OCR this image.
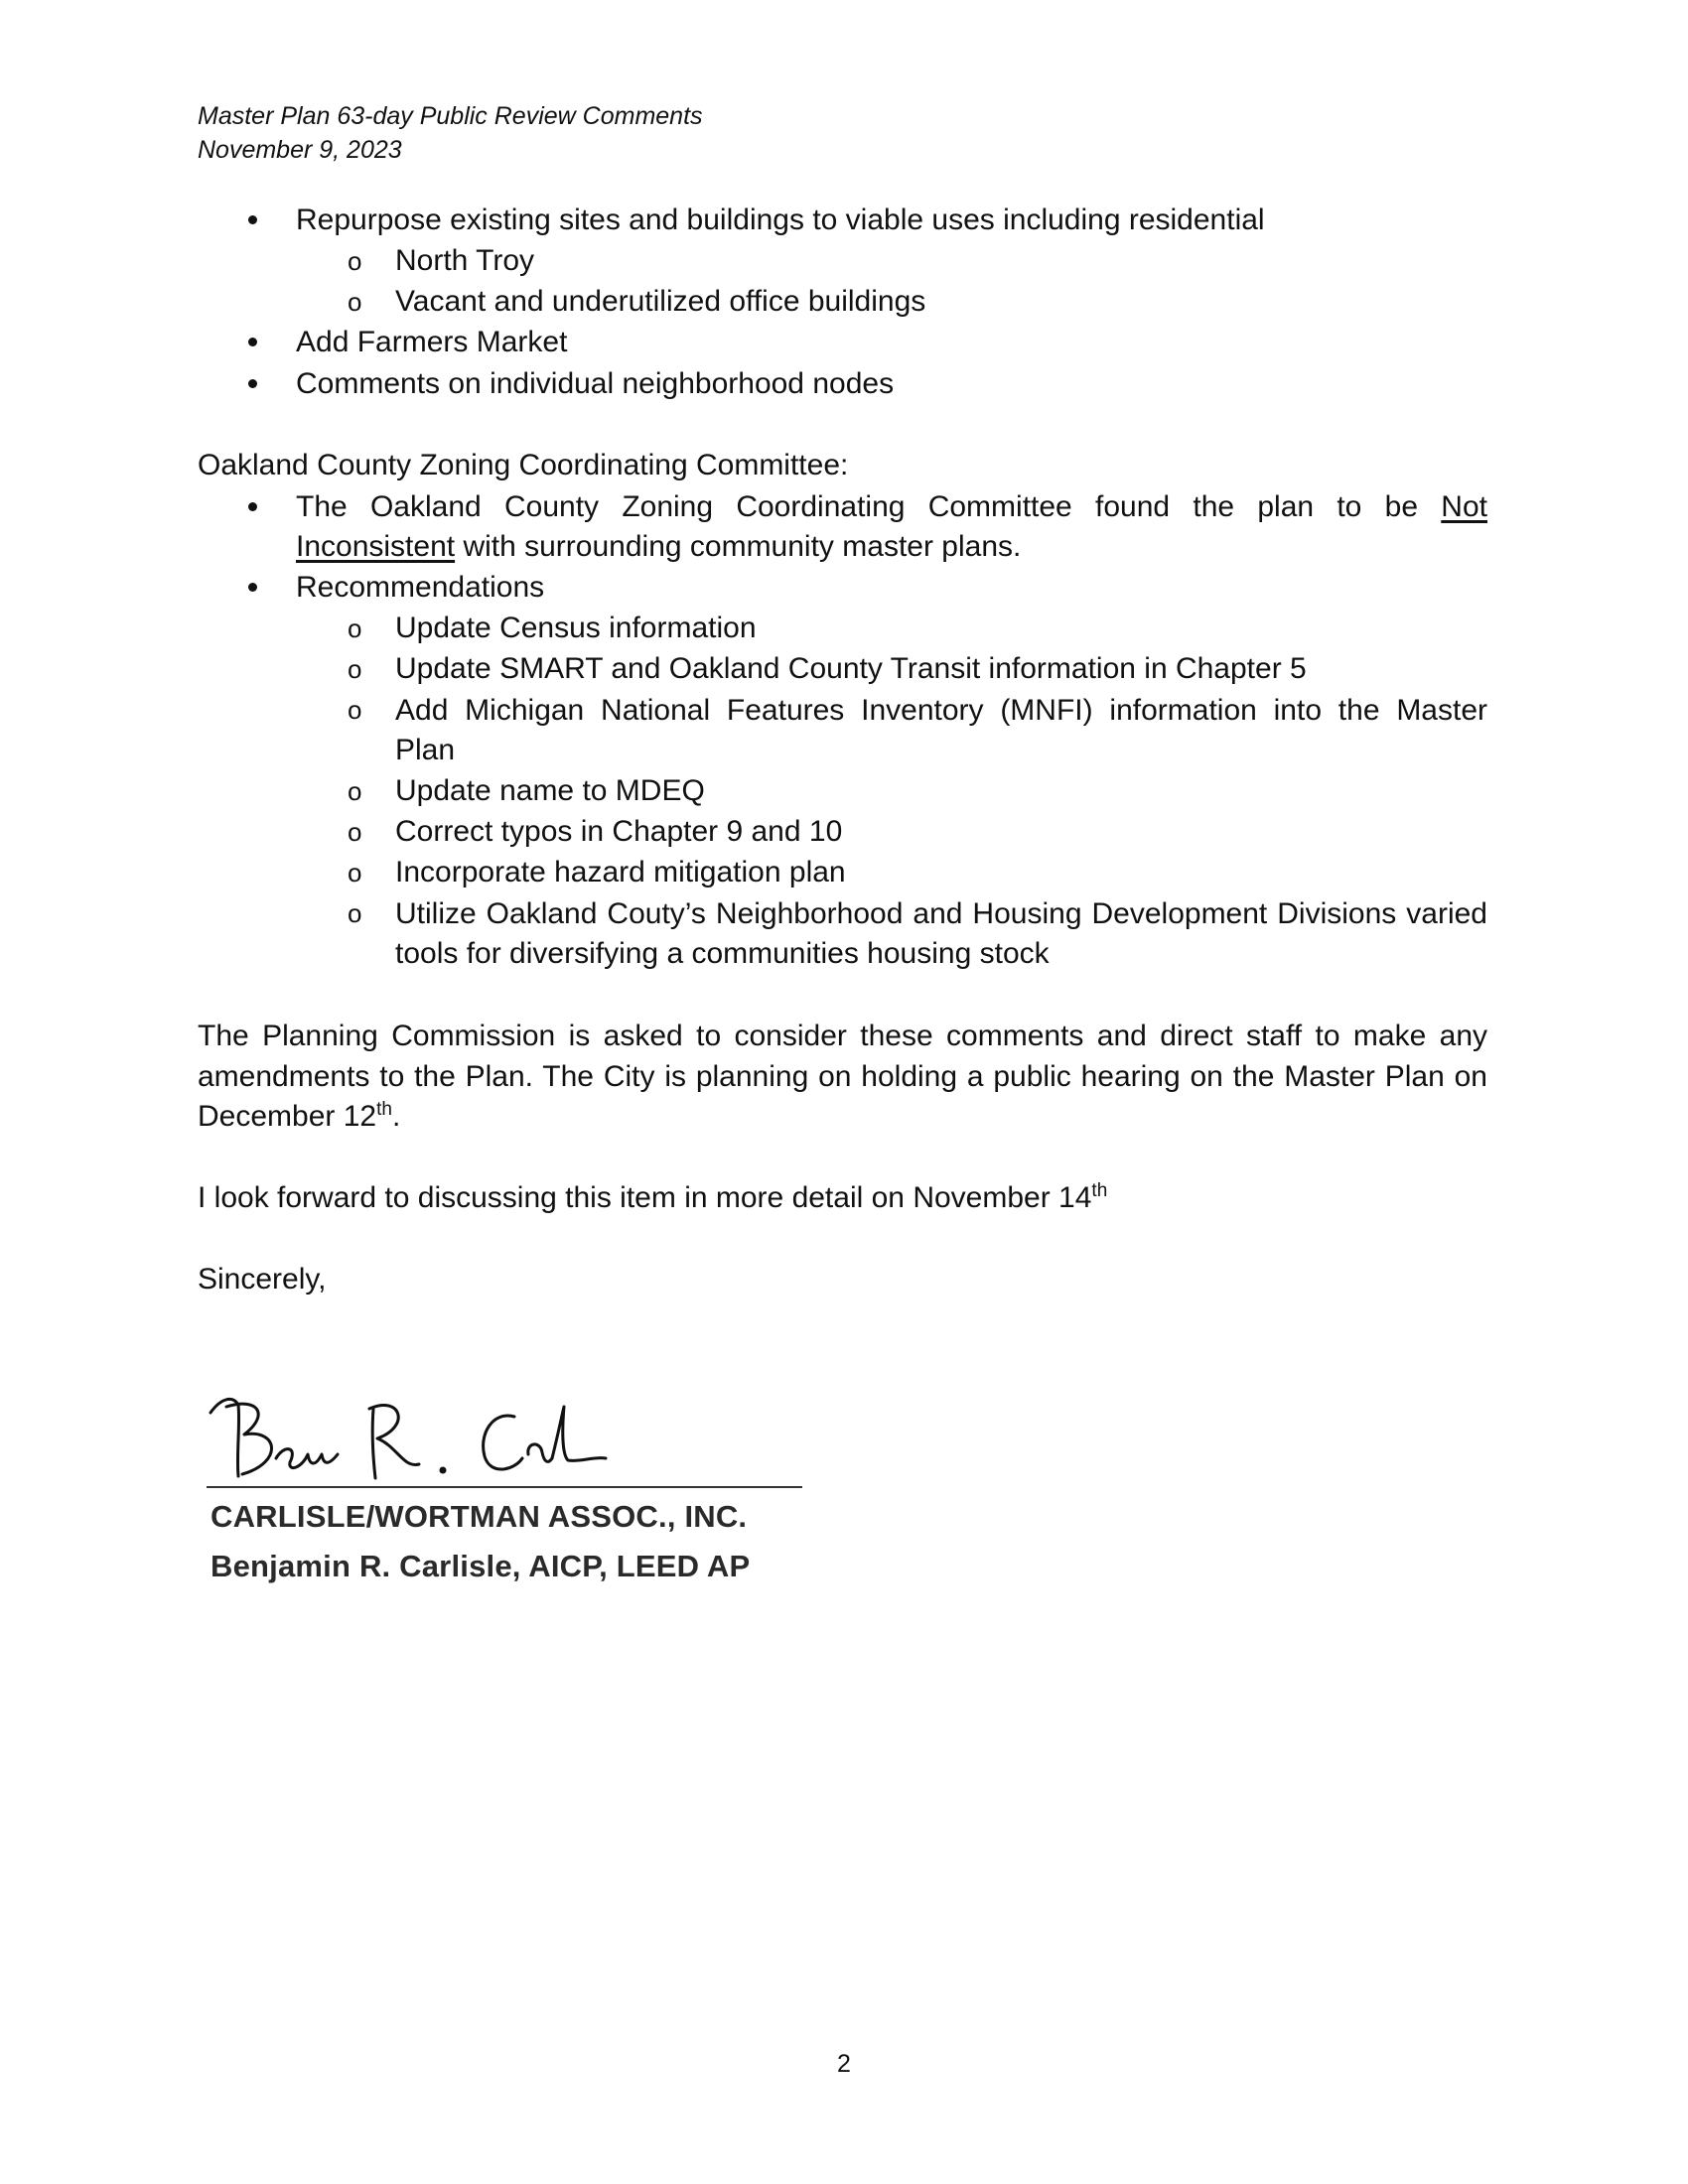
Master Plan 63-day Public Review Comments
November 9, 2023
Repurpose existing sites and buildings to viable uses including residential
o North Troy
o Vacant and underutilized office buildings
Add Farmers Market
Comments on individual neighborhood nodes
Oakland County Zoning Coordinating Committee:
The Oakland County Zoning Coordinating Committee found the plan to be Not
Inconsistent with surrounding community master plans.
Recommendations
o Update Census information
o Update SMART and Oakland County Transit information in Chapter 5
o Add Michigan National Features Inventory (MNFI) information into the Master
Plan
o Update name to MDEQ
o Correct typos in Chapter 9 and 10
o Incorporate hazard mitigation plan
o Utilize Oakland Couty’s Neighborhood and Housing Development Divisions varied
tools for diversifying a communities housing stock
The Planning Commission is asked to consider these comments and direct staff to make any
amendments to the Plan. The City is planning on holding a public hearing on the Master Plan on
December 12th.
I look forward to discussing this item in more detail on November 14th
Sincerely,
CARLISLE/WORTMAN ASSOC., INC.
Benjamin R. Carlisle, AICP, LEED AP
2
